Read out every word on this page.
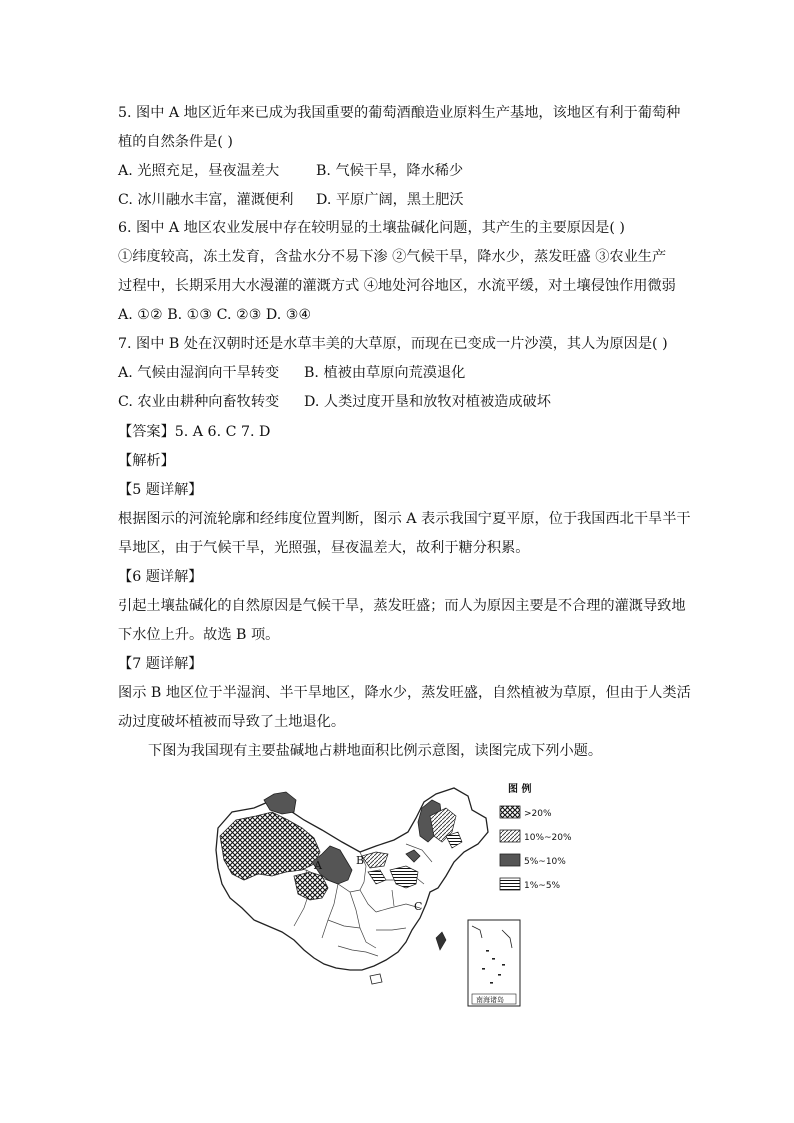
5. 图中 A 地区近年来已成为我国重要的葡萄酒酿造业原料生产基地，该地区有利于葡萄种
植的自然条件是( )
A. 光照充足，昼夜温差大	B. 气候干旱，降水稀少
C. 冰川融水丰富，灌溉便利 D. 平原广阔，黑土肥沃
6. 图中 A 地区农业发展中存在较明显的土壤盐碱化问题，其产生的主要原因是( )
①纬度较高，冻土发育，含盐水分不易下渗 ②气候干旱，降水少，蒸发旺盛 ③农业生产
过程中，长期采用大水漫灌的灌溉方式 ④地处河谷地区，水流平缓，对土壤侵蚀作用微弱
A. ①② B. ①③ C. ②③ D. ③④
7. 图中 B 处在汉朝时还是水草丰美的大草原，而现在已变成一片沙漠，其人为原因是( )
A. 气候由湿润向干旱转变 B. 植被由草原向荒漠退化
C. 农业由耕种向畜牧转变 D. 人类过度开垦和放牧对植被造成破坏
【答案】5. A 6. C 7. D
【解析】
【5 题详解】
根据图示的河流轮廓和经纬度位置判断，图示 A 表示我国宁夏平原，位于我国西北干旱半干
旱地区，由于气候干旱，光照强，昼夜温差大，故利于糖分积累。
【6 题详解】
引起土壤盐碱化的自然原因是气候干旱，蒸发旺盛；而人为原因主要是不合理的灌溉导致地
下水位上升。故选 B 项。
【7 题详解】
图示 B 地区位于半湿润、半干旱地区，降水少，蒸发旺盛，自然植被为草原，但由于人类活
动过度破坏植被而导致了土地退化。
下图为我国现有主要盐碱地占耕地面积比例示意图，读图完成下列小题。
A	B
C
图 例
>20%
10%~20%
5%~10%
1%~5%
南海诸岛
